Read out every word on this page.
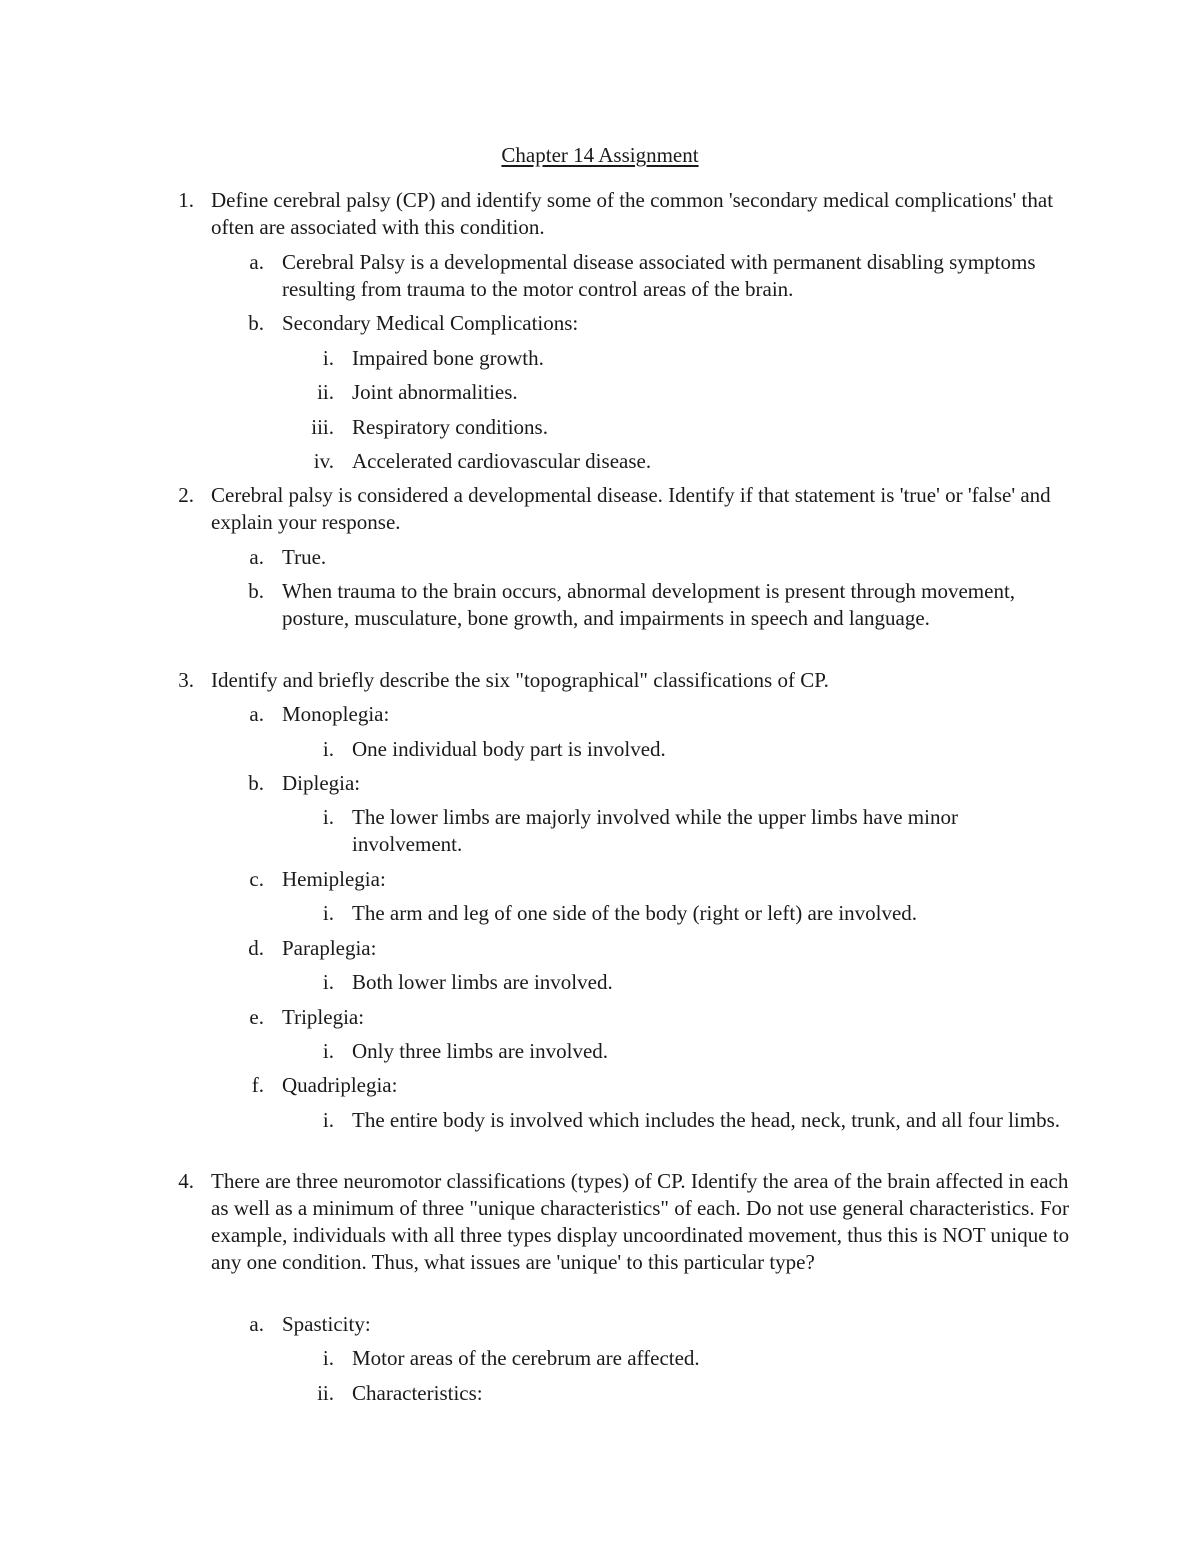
Chapter 14 Assignment
1. Define cerebral palsy (CP) and identify some of the common 'secondary medical complications' that often are associated with this condition.
a. Cerebral Palsy is a developmental disease associated with permanent disabling symptoms resulting from trauma to the motor control areas of the brain.
b. Secondary Medical Complications:
i. Impaired bone growth.
ii. Joint abnormalities.
iii. Respiratory conditions.
iv. Accelerated cardiovascular disease.
2. Cerebral palsy is considered a developmental disease. Identify if that statement is 'true' or 'false' and explain your response.
a. True.
b. When trauma to the brain occurs, abnormal development is present through movement, posture, musculature, bone growth, and impairments in speech and language.
3. Identify and briefly describe the six "topographical" classifications of CP.
a. Monoplegia:
i. One individual body part is involved.
b. Diplegia:
i. The lower limbs are majorly involved while the upper limbs have minor involvement.
c. Hemiplegia:
i. The arm and leg of one side of the body (right or left) are involved.
d. Paraplegia:
i. Both lower limbs are involved.
e. Triplegia:
i. Only three limbs are involved.
f. Quadriplegia:
i. The entire body is involved which includes the head, neck, trunk, and all four limbs.
4. There are three neuromotor classifications (types) of CP. Identify the area of the brain affected in each as well as a minimum of three "unique characteristics" of each. Do not use general characteristics. For example, individuals with all three types display uncoordinated movement, thus this is NOT unique to any one condition. Thus, what issues are 'unique' to this particular type?
a. Spasticity:
i. Motor areas of the cerebrum are affected.
ii. Characteristics:
